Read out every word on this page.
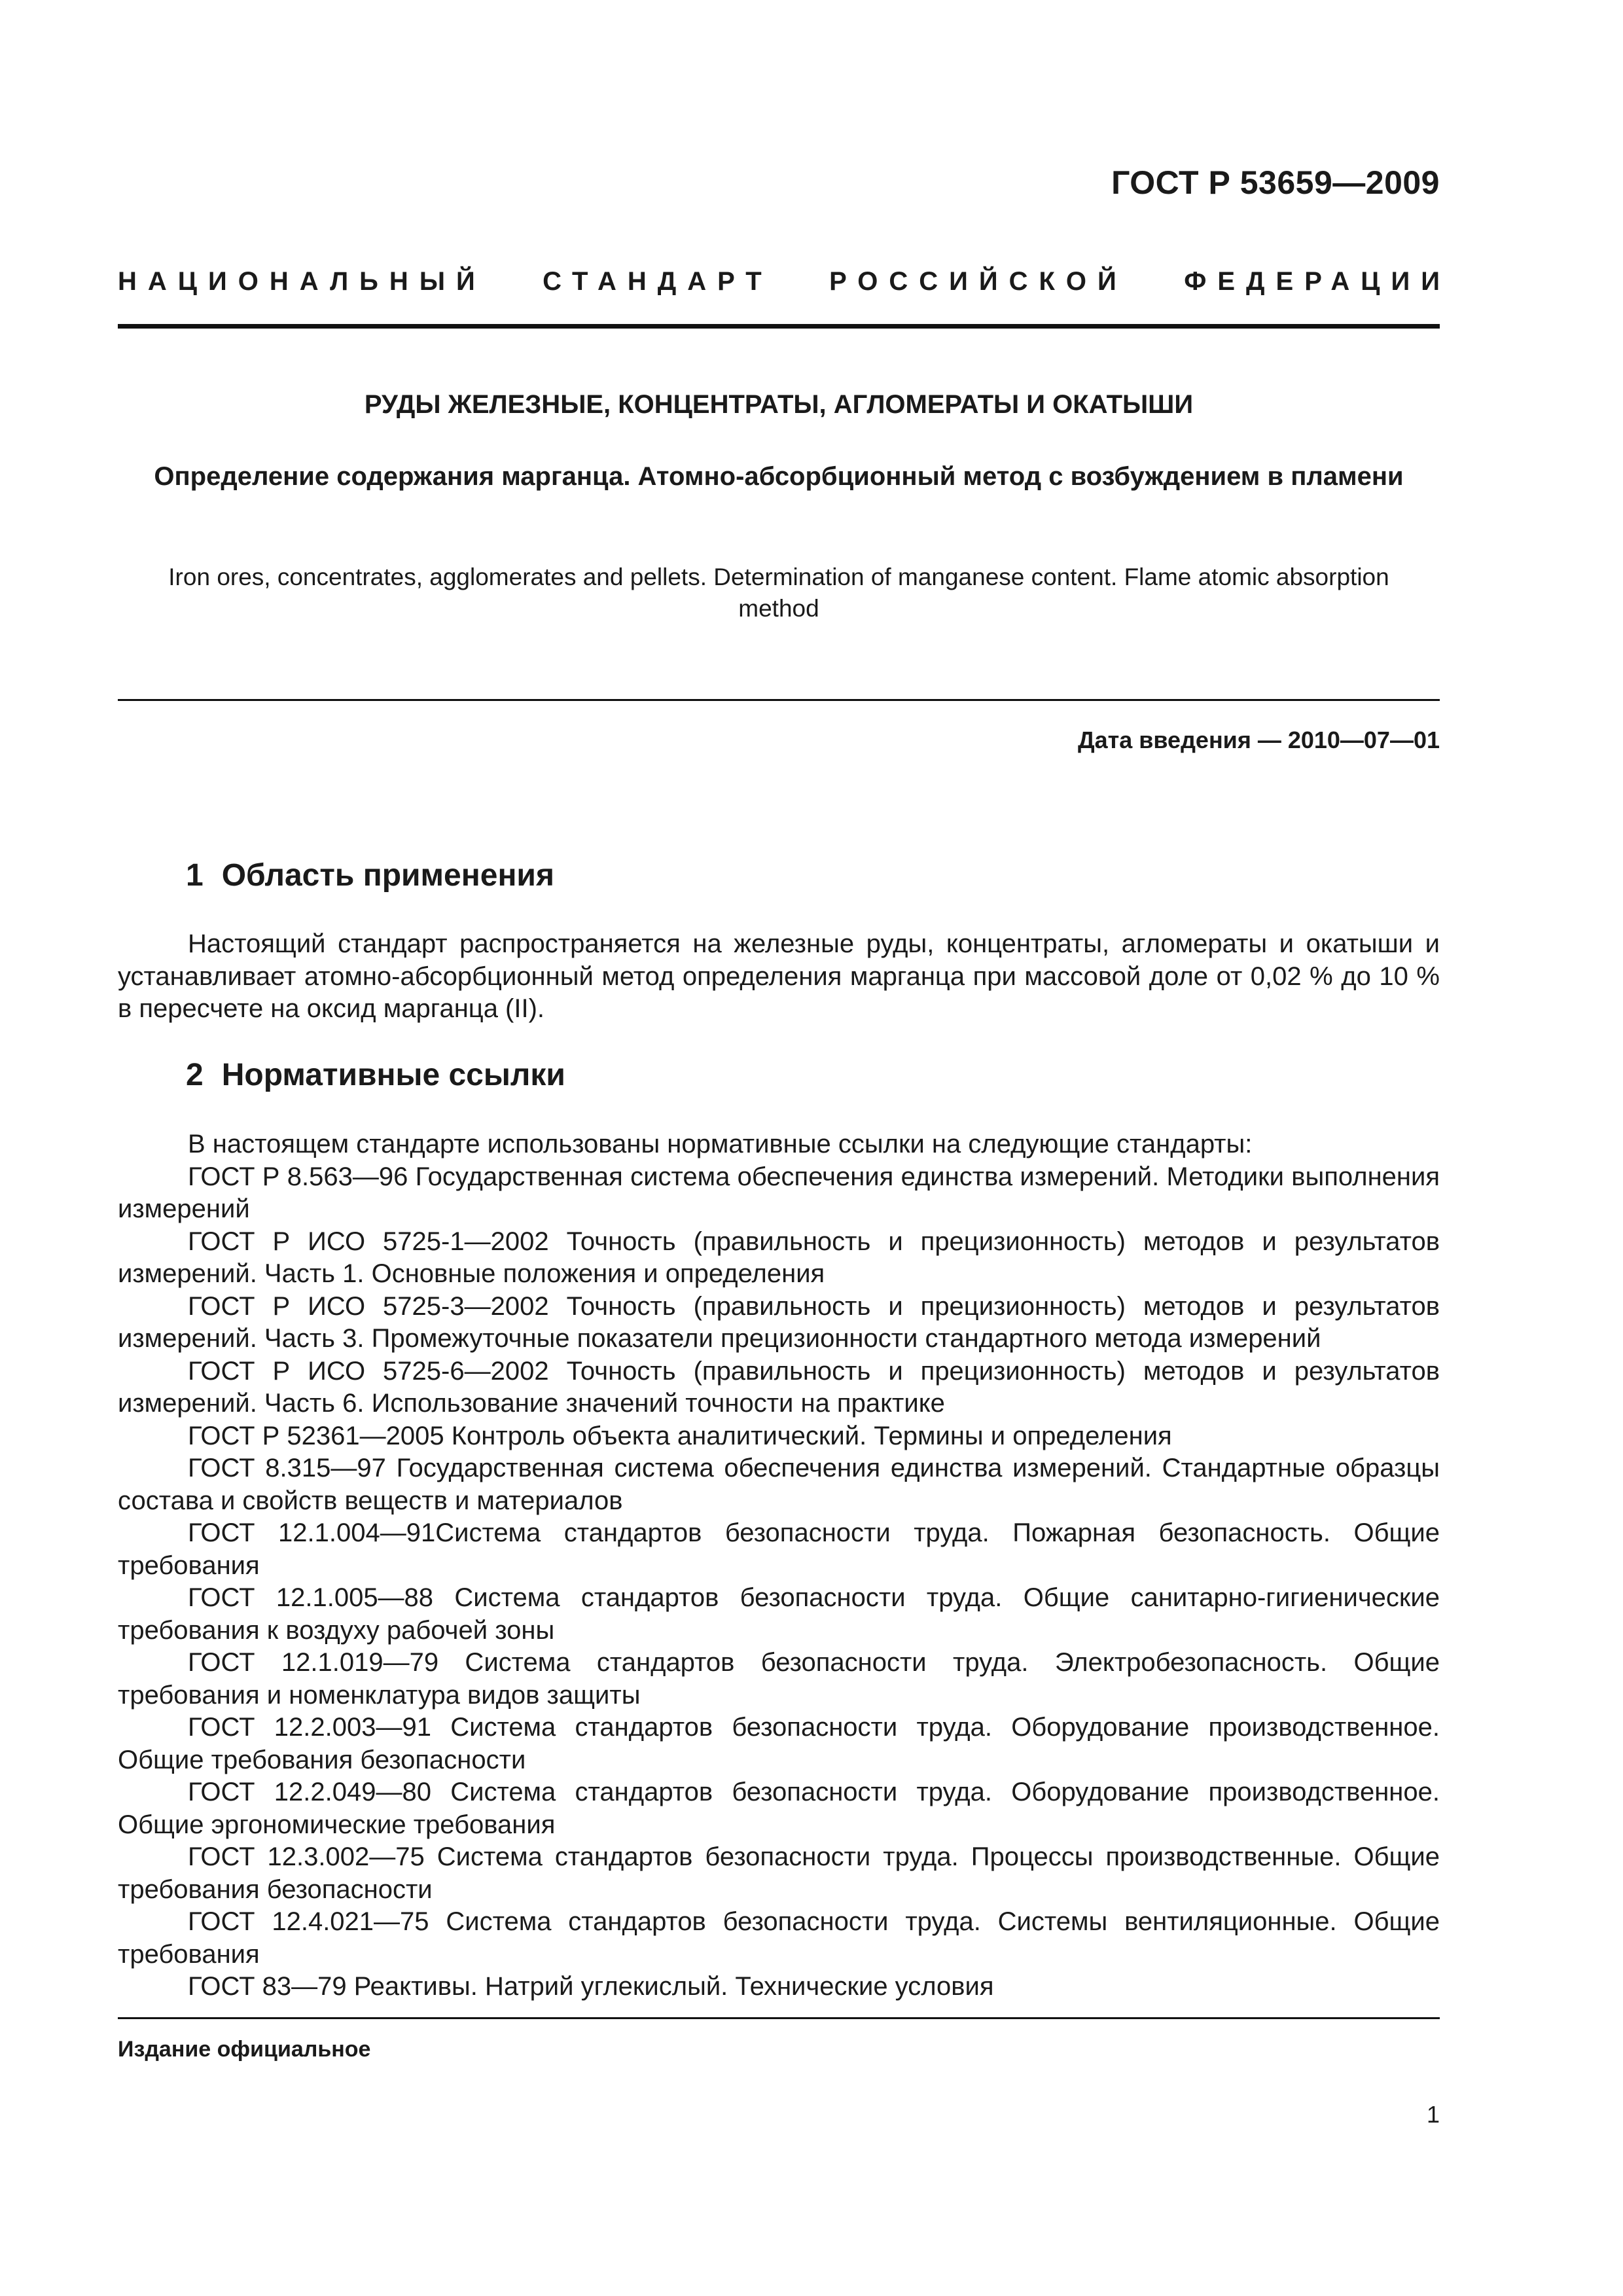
ГОСТ Р 53659—2009
НАЦИОНАЛЬНЫЙ СТАНДАРТ РОССИЙСКОЙ ФЕДЕРАЦИИ
РУДЫ ЖЕЛЕЗНЫЕ, КОНЦЕНТРАТЫ, АГЛОМЕРАТЫ И ОКАТЫШИ
Определение содержания марганца. Атомно-абсорбционный метод с возбуждением в пламени
Iron ores, concentrates, agglomerates and pellets. Determination of manganese content. Flame atomic absorption method
Дата введения — 2010—07—01
1 Область применения

Настоящий стандарт распространяется на железные руды, концентраты, агломераты и окатыши и устанавливает атомно-абсорбционный метод определения марганца при массовой доле от 0,02 % до 10 % в пересчете на оксид марганца (II).

2 Нормативные ссылки

В настоящем стандарте использованы нормативные ссылки на следующие стандарты:

ГОСТ Р 8.563—96 Государственная система обеспечения единства измерений. Методики выполнения измерений

ГОСТ Р ИСО 5725-1—2002 Точность (правильность и прецизионность) методов и результатов измерений. Часть 1. Основные положения и определения

ГОСТ Р ИСО 5725-3—2002 Точность (правильность и прецизионность) методов и результатов измерений. Часть 3. Промежуточные показатели прецизионности стандартного метода измерений

ГОСТ Р ИСО 5725-6—2002 Точность (правильность и прецизионность) методов и результатов измерений. Часть 6. Использование значений точности на практике

ГОСТ Р 52361—2005 Контроль объекта аналитический. Термины и определения

ГОСТ 8.315—97 Государственная система обеспечения единства измерений. Стандартные образцы состава и свойств веществ и материалов

ГОСТ 12.1.004—91Система стандартов безопасности труда. Пожарная безопасность. Общие требования

ГОСТ 12.1.005—88 Система стандартов безопасности труда. Общие санитарно-гигиенические требования к воздуху рабочей зоны

ГОСТ 12.1.019—79 Система стандартов безопасности труда. Электробезопасность. Общие требования и номенклатура видов защиты

ГОСТ 12.2.003—91 Система стандартов безопасности труда. Оборудование производственное. Общие требования безопасности

ГОСТ 12.2.049—80 Система стандартов безопасности труда. Оборудование производственное. Общие эргономические требования

ГОСТ 12.3.002—75 Система стандартов безопасности труда. Процессы производственные. Общие требования безопасности

ГОСТ 12.4.021—75 Система стандартов безопасности труда. Системы вентиляционные. Общие требования

ГОСТ 83—79 Реактивы. Натрий углекислый. Технические условия

Издание официальное
1
